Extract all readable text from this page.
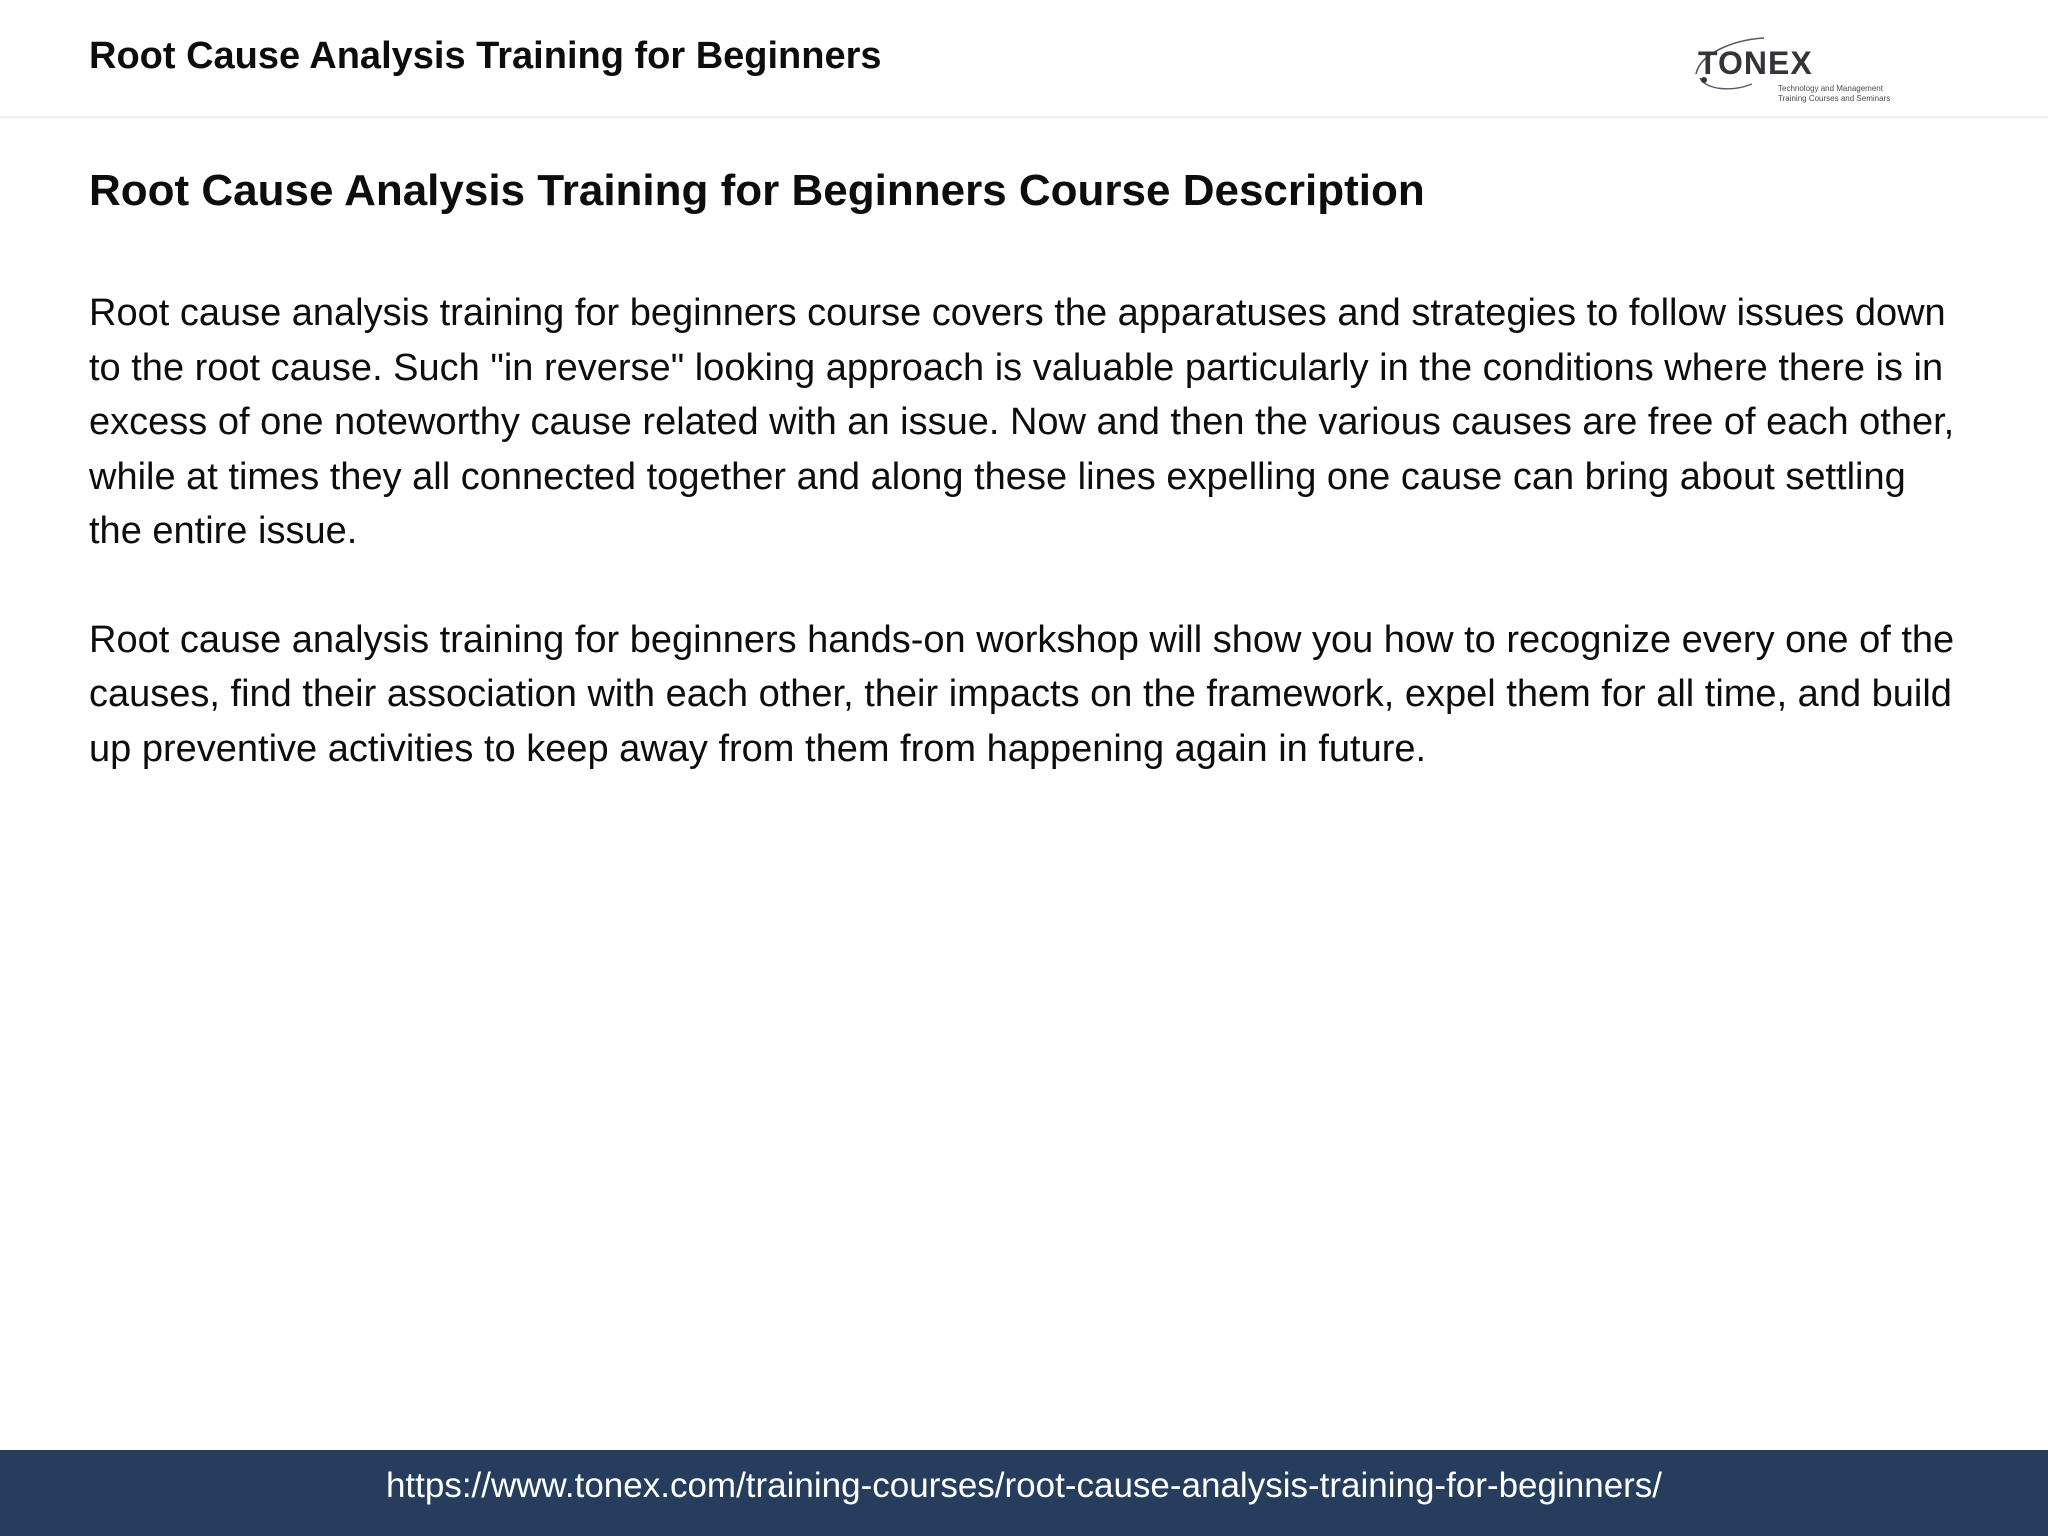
Root Cause Analysis Training for Beginners	TONEX
Technology and Management
Training Courses and Seminars
Root Cause Analysis Training for Beginners Course Description

Root cause analysis training for beginners course covers the apparatuses and strategies to follow issues down to the root cause. Such "in reverse" looking approach is valuable particularly in the conditions where there is in excess of one noteworthy cause related with an issue. Now and then the various causes are free of each other, while at times they all connected together and along these lines expelling one cause can bring about settling the entire issue.

Root cause analysis training for beginners hands-on workshop will show you how to recognize every one of the causes, find their association with each other, their impacts on the framework, expel them for all time, and build up preventive activities to keep away from them from happening again in future.

https://www.tonex.com/training-courses/root-cause-analysis-training-for-beginners/
